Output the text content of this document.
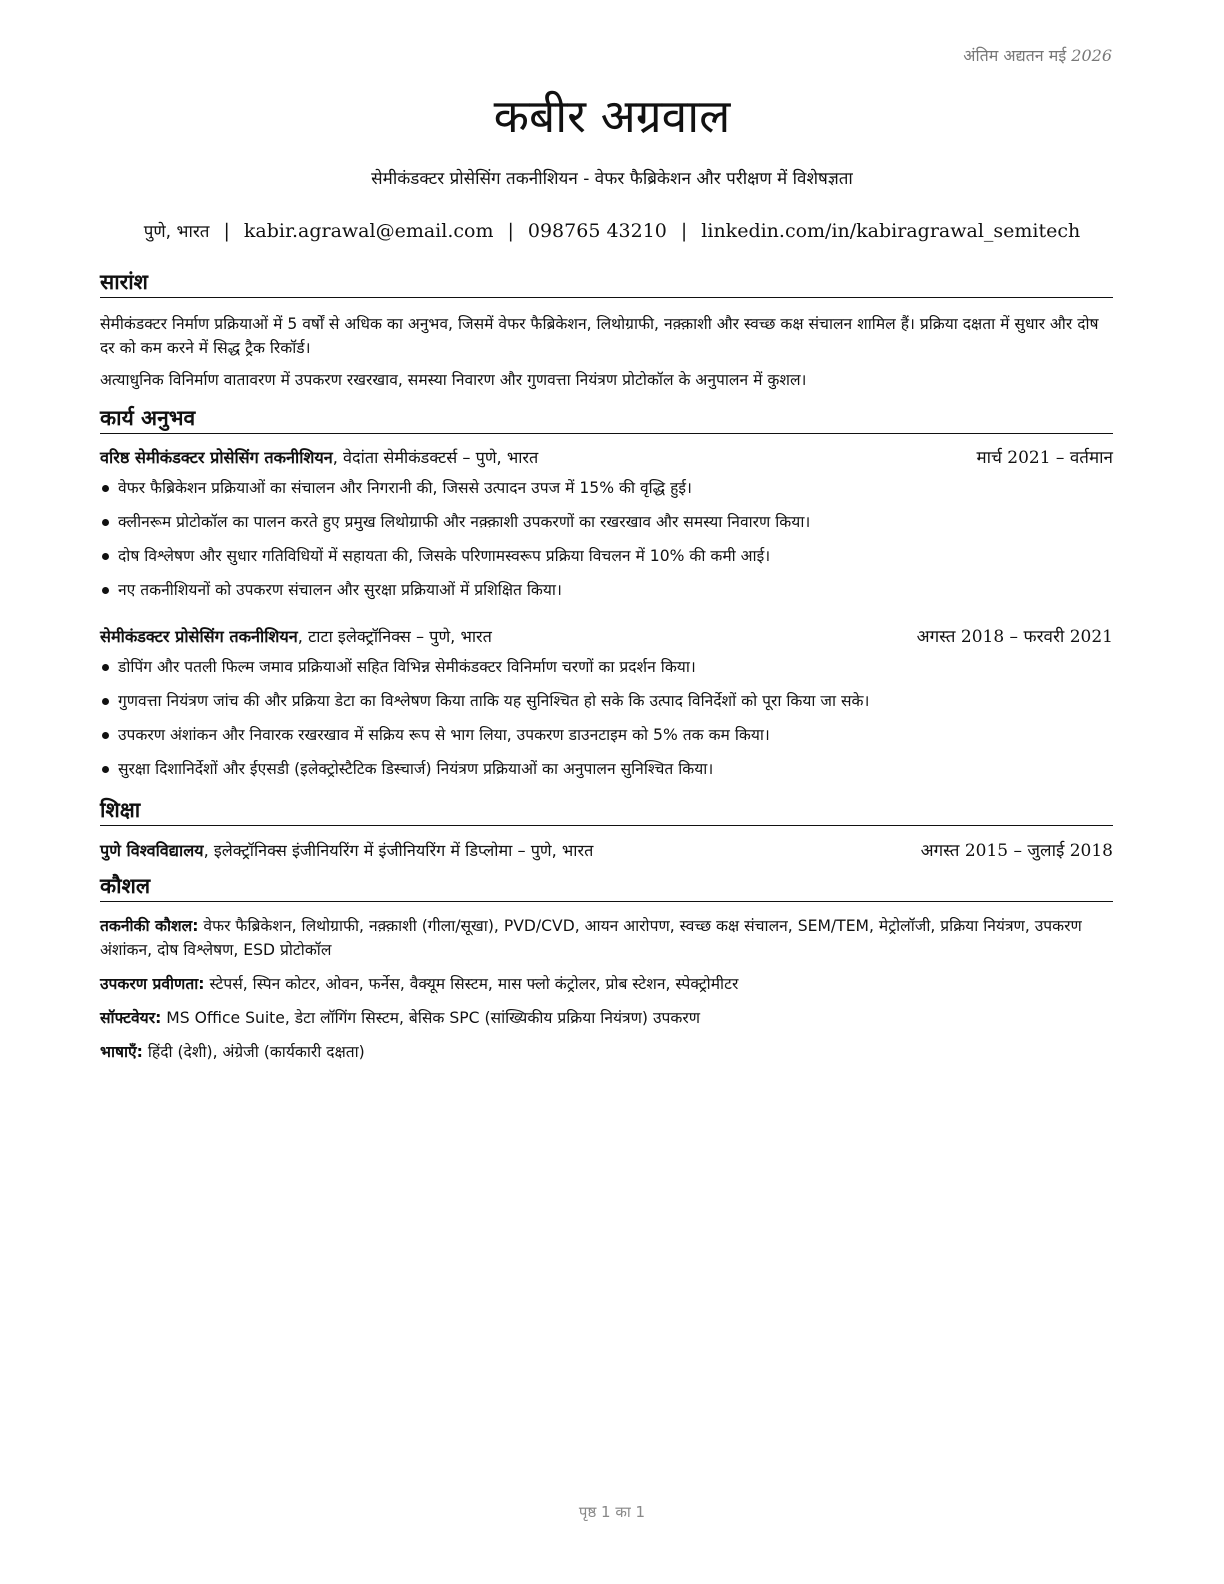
अंतिम अद्यतन मई 2026
कबीर अग्रवाल
सेमीकंडक्टर प्रोसेसिंग तकनीशियन - वेफर फैब्रिकेशन और परीक्षण में विशेषज्ञता
पुणे, भारत | kabir.agrawal@email.com | 098765 43210 | linkedin.com/in/kabiragrawal_semitech
सारांश

सेमीकंडक्टर निर्माण प्रक्रियाओं में 5 वर्षों से अधिक का अनुभव, जिसमें वेफर फैब्रिकेशन, लिथोग्राफी, नक़्क़ाशी और स्वच्छ कक्ष संचालन शामिल हैं। प्रक्रिया दक्षता में सुधार और दोष दर को कम करने में सिद्ध ट्रैक रिकॉर्ड।

अत्याधुनिक विनिर्माण वातावरण में उपकरण रखरखाव, समस्या निवारण और गुणवत्ता नियंत्रण प्रोटोकॉल के अनुपालन में कुशल।

कार्य अनुभव
वरिष्ठ सेमीकंडक्टर प्रोसेसिंग तकनीशियन, वेदांता सेमीकंडक्टर्स – पुणे, भारत	मार्च 2021 – वर्तमान
वेफर फैब्रिकेशन प्रक्रियाओं का संचालन और निगरानी की, जिससे उत्पादन उपज में 15% की वृद्धि हुई।
क्लीनरूम प्रोटोकॉल का पालन करते हुए प्रमुख लिथोग्राफी और नक़्क़ाशी उपकरणों का रखरखाव और समस्या निवारण किया।
दोष विश्लेषण और सुधार गतिविधियों में सहायता की, जिसके परिणामस्वरूप प्रक्रिया विचलन में 10% की कमी आई।
नए तकनीशियनों को उपकरण संचालन और सुरक्षा प्रक्रियाओं में प्रशिक्षित किया।
सेमीकंडक्टर प्रोसेसिंग तकनीशियन, टाटा इलेक्ट्रॉनिक्स – पुणे, भारत	अगस्त 2018 – फरवरी 2021
डोपिंग और पतली फिल्म जमाव प्रक्रियाओं सहित विभिन्न सेमीकंडक्टर विनिर्माण चरणों का प्रदर्शन किया।
गुणवत्ता नियंत्रण जांच की और प्रक्रिया डेटा का विश्लेषण किया ताकि यह सुनिश्चित हो सके कि उत्पाद विनिर्देशों को पूरा किया जा सके।
उपकरण अंशांकन और निवारक रखरखाव में सक्रिय रूप से भाग लिया, उपकरण डाउनटाइम को 5% तक कम किया।
सुरक्षा दिशानिर्देशों और ईएसडी (इलेक्ट्रोस्टैटिक डिस्चार्ज) नियंत्रण प्रक्रियाओं का अनुपालन सुनिश्चित किया।
शिक्षा
पुणे विश्वविद्यालय, इलेक्ट्रॉनिक्स इंजीनियरिंग में इंजीनियरिंग में डिप्लोमा – पुणे, भारत	अगस्त 2015 – जुलाई 2018
कौशल

तकनीकी कौशल: वेफर फैब्रिकेशन, लिथोग्राफी, नक़्क़ाशी (गीला/सूखा), PVD/CVD, आयन आरोपण, स्वच्छ कक्ष संचालन, SEM/TEM, मेट्रोलॉजी, प्रक्रिया नियंत्रण, उपकरण अंशांकन, दोष विश्लेषण, ESD प्रोटोकॉल

उपकरण प्रवीणता: स्टेपर्स, स्पिन कोटर, ओवन, फर्नेस, वैक्यूम सिस्टम, मास फ्लो कंट्रोलर, प्रोब स्टेशन, स्पेक्ट्रोमीटर

सॉफ्टवेयर: MS Office Suite, डेटा लॉगिंग सिस्टम, बेसिक SPC (सांख्यिकीय प्रक्रिया नियंत्रण) उपकरण

भाषाएँ: हिंदी (देशी), अंग्रेजी (कार्यकारी दक्षता)

पृष्ठ 1 का 1
